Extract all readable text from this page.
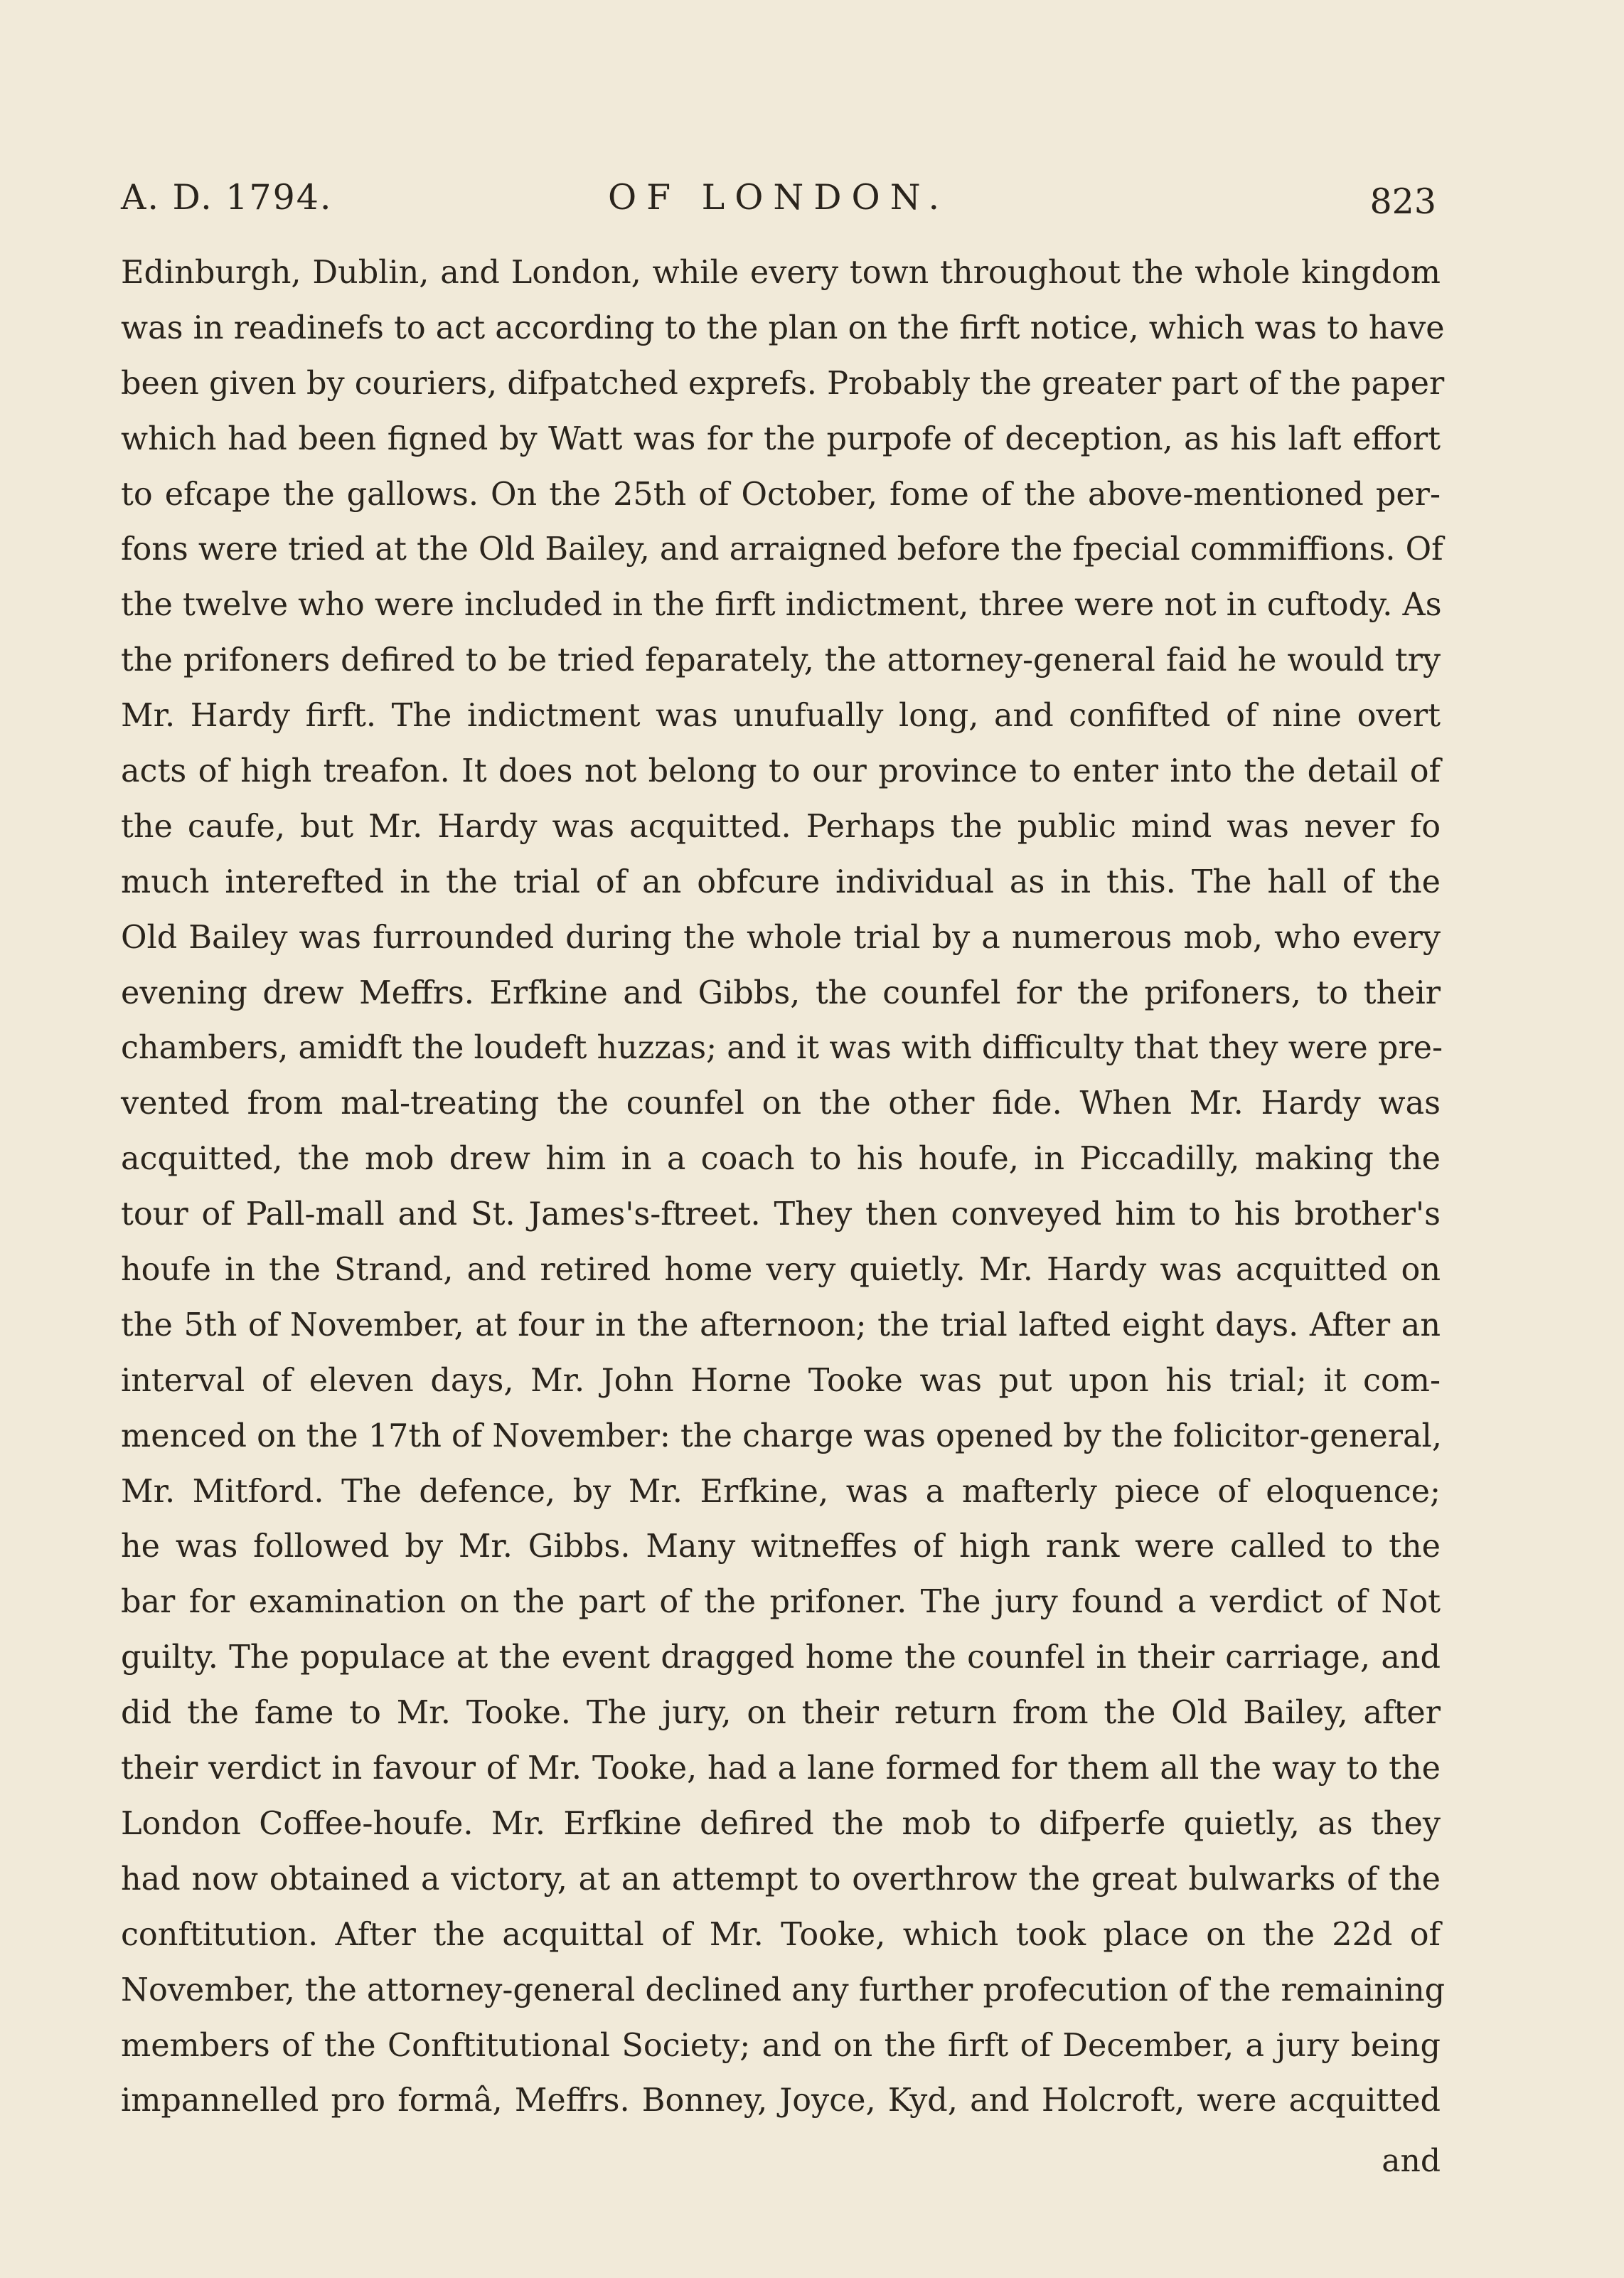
A. D. 1794.	OF LONDON.	823
Edinburgh, Dublin, and London, while every town throughout the whole kingdom
was in readinefs to act according to the plan on the firft notice, which was to have
been given by couriers, difpatched exprefs. Probably the greater part of the paper
which had been figned by Watt was for the purpofe of deception, as his laft effort
to efcape the gallows. On the 25th of October, fome of the above-mentioned per-
fons were tried at the Old Bailey, and arraigned before the fpecial commiffions. Of
the twelve who were included in the firft indictment, three were not in cuftody. As
the prifoners defired to be tried feparately, the attorney-general faid he would try
Mr. Hardy firft. The indictment was unufually long, and confifted of nine overt
acts of high treafon. It does not belong to our province to enter into the detail of
the caufe, but Mr. Hardy was acquitted. Perhaps the public mind was never fo
much interefted in the trial of an obfcure individual as in this. The hall of the
Old Bailey was furrounded during the whole trial by a numerous mob, who every
evening drew Meffrs. Erfkine and Gibbs, the counfel for the prifoners, to their
chambers, amidft the loudeft huzzas; and it was with difficulty that they were pre-
vented from mal-treating the counfel on the other fide. When Mr. Hardy was
acquitted, the mob drew him in a coach to his houfe, in Piccadilly, making the
tour of Pall-mall and St. James's-ftreet. They then conveyed him to his brother's
houfe in the Strand, and retired home very quietly. Mr. Hardy was acquitted on
the 5th of November, at four in the afternoon; the trial lafted eight days. After an
interval of eleven days, Mr. John Horne Tooke was put upon his trial; it com-
menced on the 17th of November: the charge was opened by the folicitor-general,
Mr. Mitford. The defence, by Mr. Erfkine, was a mafterly piece of eloquence;
he was followed by Mr. Gibbs. Many witneffes of high rank were called to the
bar for examination on the part of the prifoner. The jury found a verdict of Not
guilty. The populace at the event dragged home the counfel in their carriage, and
did the fame to Mr. Tooke. The jury, on their return from the Old Bailey, after
their verdict in favour of Mr. Tooke, had a lane formed for them all the way to the
London Coffee-houfe. Mr. Erfkine defired the mob to difperfe quietly, as they
had now obtained a victory, at an attempt to overthrow the great bulwarks of the
conftitution. After the acquittal of Mr. Tooke, which took place on the 22d of
November, the attorney-general declined any further profecution of the remaining
members of the Conftitutional Society; and on the firft of December, a jury being
impannelled pro formâ, Meffrs. Bonney, Joyce, Kyd, and Holcroft, were acquitted
and
